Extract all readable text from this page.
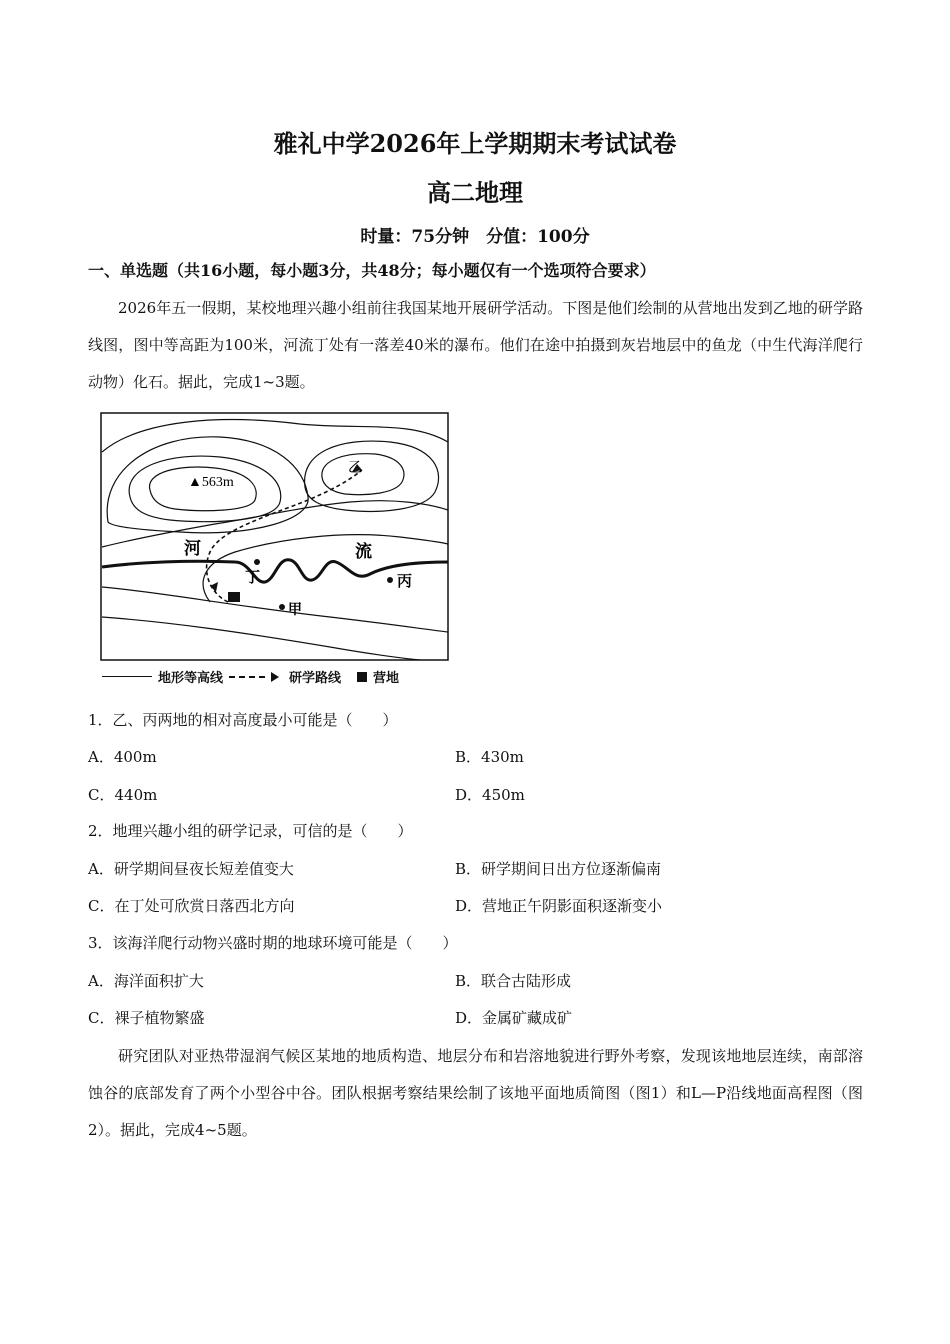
雅礼中学2026年上学期期末考试试卷
高二地理
时量：75分钟　分值：100分
一、单选题（共16小题，每小题3分，共48分；每小题仅有一个选项符合要求）
2026年五一假期，某校地理兴趣小组前往我国某地开展研学活动。下图是他们绘制的从营地出发到乙地的研学路线图，图中等高距为100米，河流丁处有一落差40米的瀑布。他们在途中拍摄到灰岩地层中的鱼龙（中生代海洋爬行动物）化石。据此，完成1~3题。
▲563m
乙
丁	丙
甲
河	流
地形等高线	研学路线 营地
1．乙、丙两地的相对高度最小可能是（　　）
A．400m	B．430m
C．440m	D．450m
2．地理兴趣小组的研学记录，可信的是（　　）
A．研学期间昼夜长短差值变大	B．研学期间日出方位逐渐偏南
C．在丁处可欣赏日落西北方向	D．营地正午阴影面积逐渐变小
3．该海洋爬行动物兴盛时期的地球环境可能是（　　）
A．海洋面积扩大	B．联合古陆形成
C．裸子植物繁盛	D．金属矿藏成矿
研究团队对亚热带湿润气候区某地的地质构造、地层分布和岩溶地貌进行野外考察，发现该地地层连续，南部溶蚀谷的底部发育了两个小型谷中谷。团队根据考察结果绘制了该地平面地质简图（图1）和L—P沿线地面高程图（图2）。据此，完成4~5题。
